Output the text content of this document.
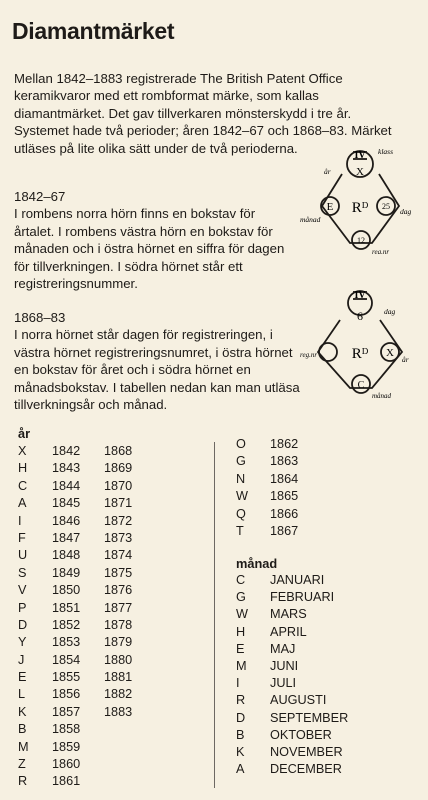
Diamantmärket

Mellan 1842–1883 registrerade The British Patent Office keramikvaror med ett rombformat märke, som kallas diamantmärket. Det gav tillverkaren mönsterskydd i tre år. Systemet hade två perioder; åren 1842–67 och 1868–83. Märket utläses på lite olika sätt under de två perioderna.

1842–67

I rombens norra hörn finns en bokstav för årtalet. I rombens västra hörn en bokstav för månaden och i östra hörnet en siffra för dagen för tillverkningen. I södra hörnet står ett registreringsnummer.

1868–83

I norra hörnet står dagen för registreringen, i västra hörnet registreringsnumret, i östra hörnet en bokstav för året och i södra hörnet en månadsbokstav. I tabellen nedan kan man utläsa tillverkningsår och månad.

IV
X
klass
år
E Rᴰ 25
månad
dag
12
reg.nr
IV
6	dag
reg.nr Rᴰ X
år
C
månad
år
X 1842 1868
H 1843 1869
C 1844 1870
A 1845 1871
I 1846 1872
F 1847 1873
U 1848 1874
S 1849 1875
V 1850 1876
P 1851 1877
D 1852 1878
Y 1853 1879
J 1854 1880
E 1855 1881
L 1856 1882
K 1857 1883
B 1858
M 1859
Z 1860
R 1861
O 1862
G 1863
N 1864
W 1865
Q 1866
T 1867
månad
C JANUARI
G FEBRUARI
W MARS
H APRIL
E MAJ
M JUNI
I JULI
R AUGUSTI
D SEPTEMBER
B OKTOBER
K NOVEMBER
A DECEMBER
